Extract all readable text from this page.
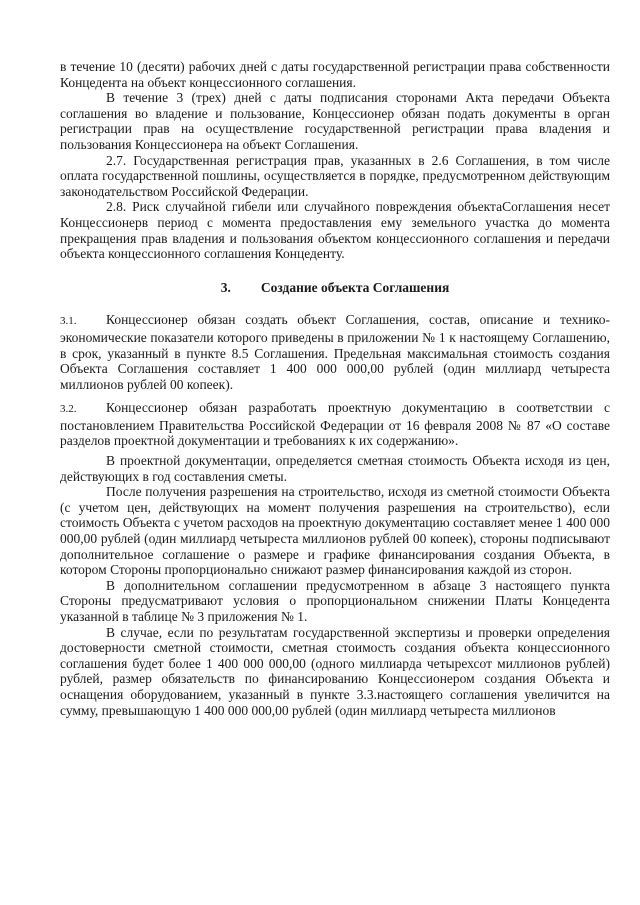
в течение 10 (десяти) рабочих дней с даты государственной регистрации права собственности Концедента на объект концессионного соглашения.

В течение 3 (трех) дней с даты подписания сторонами Акта передачи Объекта соглашения во владение и пользование, Концессионер обязан подать документы в орган регистрации прав на осуществление государственной регистрации права владения и пользования Концессионера на объект Соглашения.

2.7. Государственная регистрация прав, указанных в 2.6 Соглашения, в том числе оплата государственной пошлины, осуществляется в порядке, предусмотренном действующим законодательством Российской Федерации.

2.8. Риск случайной гибели или случайного повреждения объектаСоглашения несет Концессионерв период с момента предоставления ему земельного участка до момента прекращения прав владения и пользования объектом концессионного соглашения и передачи объекта концессионного соглашения Концеденту.

3. Создание объекта Соглашения

3.1. Концессионер обязан создать объект Соглашения, состав, описание и технико-экономические показатели которого приведены в приложении № 1 к настоящему Соглашению, в срок, указанный в пункте 8.5 Соглашения. Предельная максимальная стоимость создания Объекта Соглашения составляет 1 400 000 000,00 рублей (один миллиард четыреста миллионов рублей 00 копеек).

3.2. Концессионер обязан разработать проектную документацию в соответствии с постановлением Правительства Российской Федерации от 16 февраля 2008 № 87 «О составе разделов проектной документации и требованиях к их содержанию».

В проектной документации, определяется сметная стоимость Объекта исходя из цен, действующих в год составления сметы.

После получения разрешения на строительство, исходя из сметной стоимости Объекта (с учетом цен, действующих на момент получения разрешения на строительство), если стоимость Объекта с учетом расходов на проектную документацию составляет менее 1 400 000 000,00 рублей (один миллиард четыреста миллионов рублей 00 копеек), стороны подписывают дополнительное соглашение о размере и графике финансирования создания Объекта, в котором Стороны пропорционально снижают размер финансирования каждой из сторон.

В дополнительном соглашении предусмотренном в абзаце 3 настоящего пункта Стороны предусматривают условия о пропорциональном снижении Платы Концедента указанной в таблице № 3 приложения № 1.

В случае, если по результатам государственной экспертизы и проверки определения достоверности сметной стоимости, сметная стоимость создания объекта концессионного соглашения будет более 1 400 000 000,00 (одного миллиарда четырехсот миллионов рублей) рублей, размер обязательств по финансированию Концессионером создания Объекта и оснащения оборудованием, указанный в пункте 3.3.настоящего соглашения увеличится на сумму, превышающую 1 400 000 000,00 рублей (один миллиард четыреста миллионов
